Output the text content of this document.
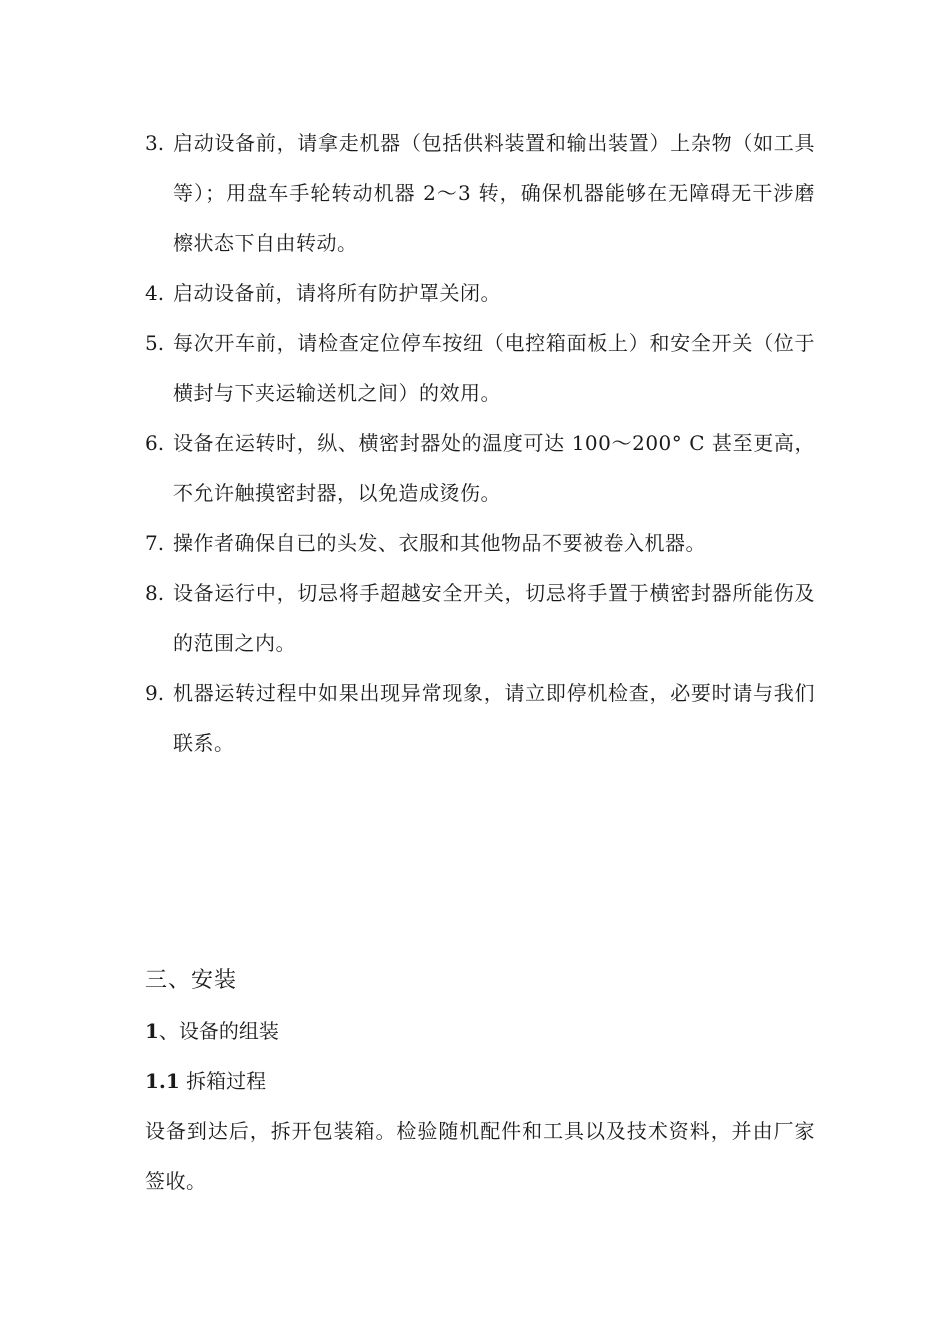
3. 启动设备前，请拿走机器（包括供料装置和输出装置）上杂物（如工具等）；用盘车手轮转动机器 2～3 转，确保机器能够在无障碍无干涉磨檫状态下自由转动。
4. 启动设备前，请将所有防护罩关闭。
5. 每次开车前，请检查定位停车按纽（电控箱面板上）和安全开关（位于横封与下夹运输送机之间）的效用。
6. 设备在运转时，纵、横密封器处的温度可达 100～200° C 甚至更高，不允许触摸密封器，以免造成烫伤。
7. 操作者确保自已的头发、衣服和其他物品不要被卷入机器。
8. 设备运行中，切忌将手超越安全开关，切忌将手置于横密封器所能伤及的范围之内。
9. 机器运转过程中如果出现异常现象，请立即停机检查，必要时请与我们联系。

三、安装

1、设备的组装

1.1 拆箱过程

设备到达后，拆开包装箱。检验随机配件和工具以及技术资料，并由厂家签收。
